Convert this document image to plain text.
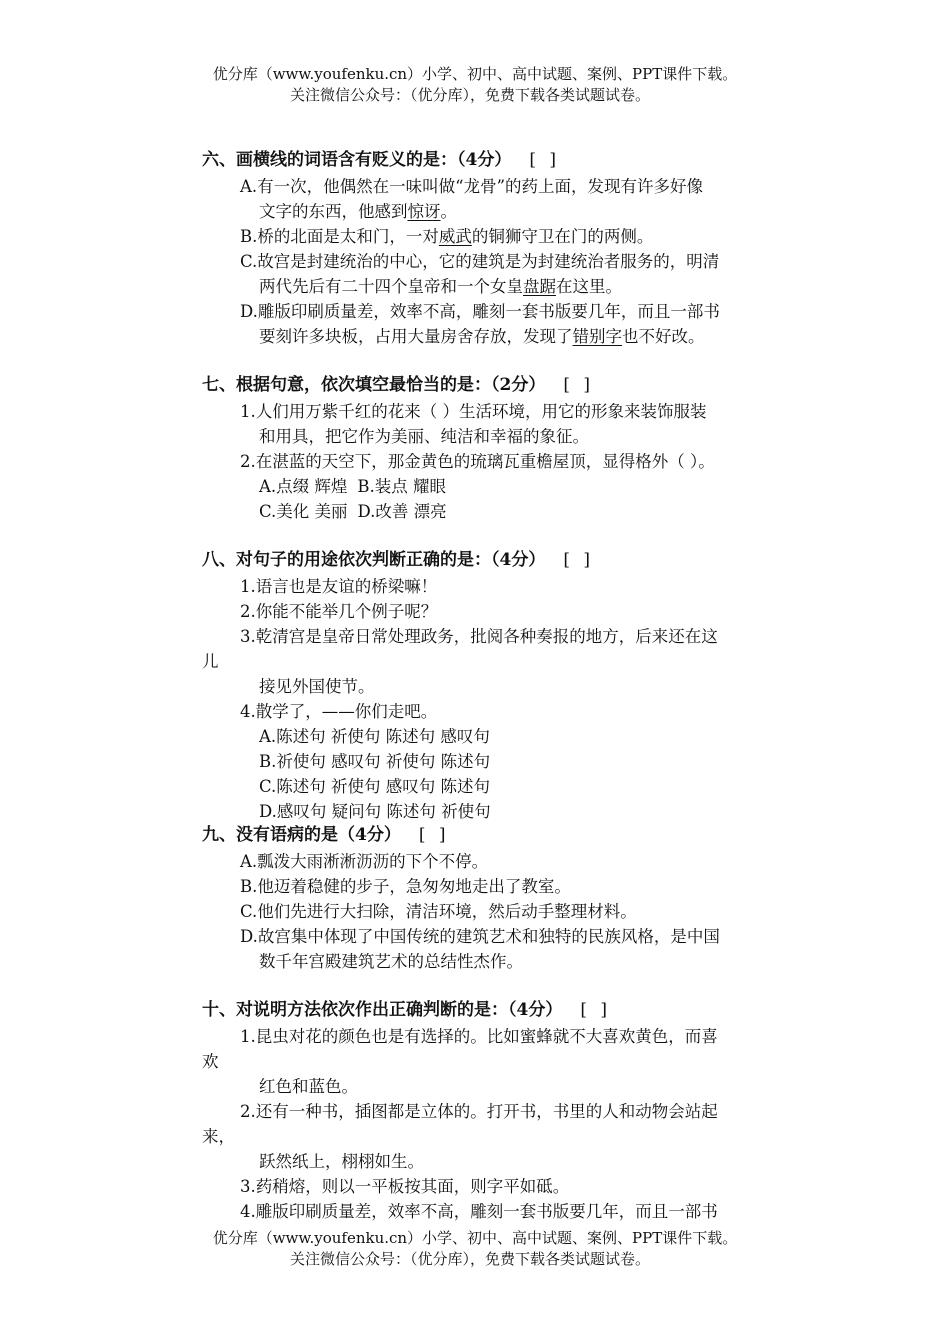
优分库（www.youfenku.cn）小学、初中、高中试题、案例、PPT课件下载。
关注微信公众号：（优分库），免费下载各类试题试卷。
六、画横线的词语含有贬义的是：（4分） [ ]
A.有一次，他偶然在一味叫做“龙骨”的药上面，发现有许多好像
文字的东西，他感到惊讶。
B.桥的北面是太和门，一对威武的铜狮守卫在门的两侧。
C.故宫是封建统治的中心，它的建筑是为封建统治者服务的，明清
两代先后有二十四个皇帝和一个女皇盘踞在这里。
D.雕版印刷质量差，效率不高，雕刻一套书版要几年，而且一部书
要刻许多块板，占用大量房舍存放，发现了错别字也不好改。
七、根据句意，依次填空最恰当的是：（2分） [ ]
1.人们用万紫千红的花来（ ）生活环境，用它的形象来装饰服装
和用具，把它作为美丽、纯洁和幸福的象征。
2.在湛蓝的天空下，那金黄色的琉璃瓦重檐屋顶，显得格外（ ）。
A.点缀 辉煌 B.装点 耀眼
C.美化 美丽 D.改善 漂亮
八、对句子的用途依次判断正确的是：（4分） [ ]
1.语言也是友谊的桥梁嘛！
2.你能不能举几个例子呢？
3.乾清宫是皇帝日常处理政务，批阅各种奏报的地方，后来还在这
儿
接见外国使节。
4.散学了，——你们走吧。
A.陈述句 祈使句 陈述句 感叹句
B.祈使句 感叹句 祈使句 陈述句
C.陈述句 祈使句 感叹句 陈述句
D.感叹句 疑问句 陈述句 祈使句
九、没有语病的是（4分） [ ]
A.瓢泼大雨淅淅沥沥的下个不停。
B.他迈着稳健的步子，急匆匆地走出了教室。
C.他们先进行大扫除，清洁环境，然后动手整理材料。
D.故宫集中体现了中国传统的建筑艺术和独特的民族风格，是中国
数千年宫殿建筑艺术的总结性杰作。
十、对说明方法依次作出正确判断的是：（4分） [ ]
1.昆虫对花的颜色也是有选择的。比如蜜蜂就不大喜欢黄色，而喜
欢
红色和蓝色。
2.还有一种书，插图都是立体的。打开书，书里的人和动物会站起
来，
跃然纸上，栩栩如生。
3.药稍熔，则以一平板按其面，则字平如砥。
4.雕版印刷质量差，效率不高，雕刻一套书版要几年，而且一部书
优分库（www.youfenku.cn）小学、初中、高中试题、案例、PPT课件下载。
关注微信公众号：（优分库），免费下载各类试题试卷。
